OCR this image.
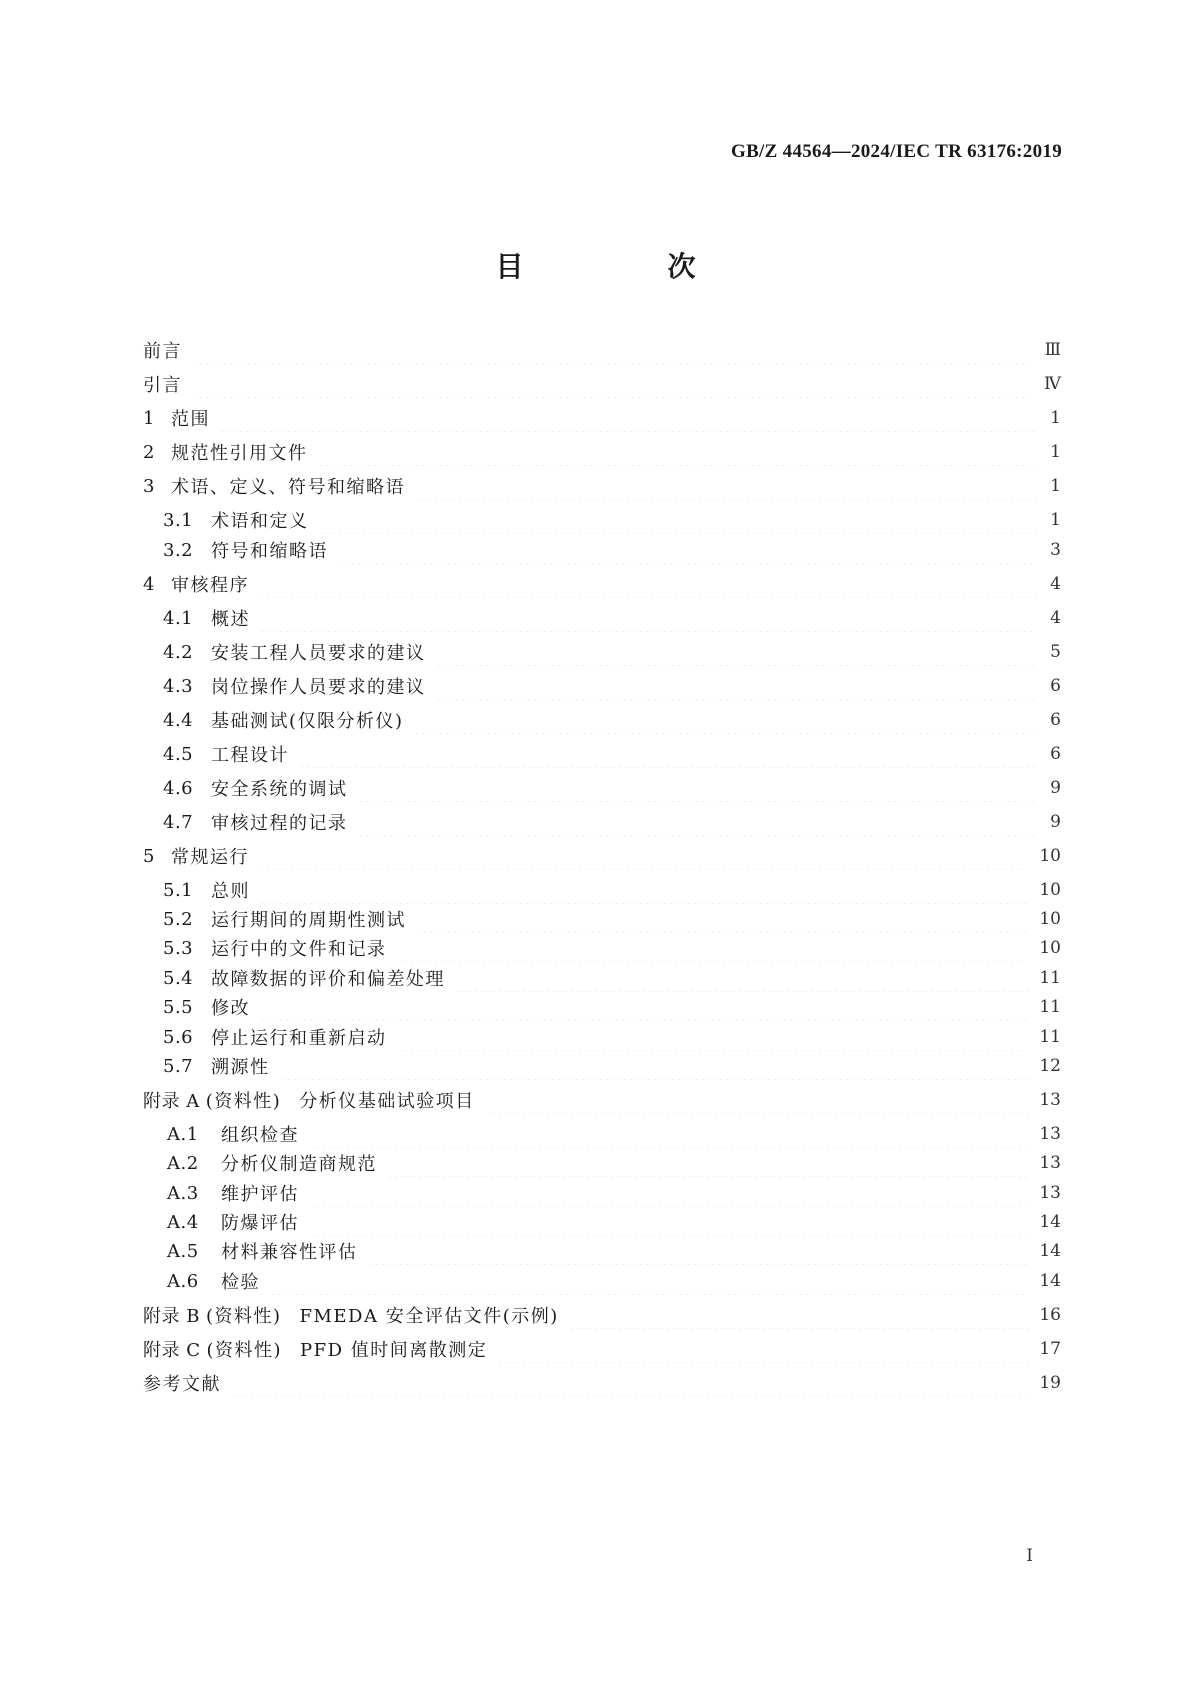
GB/Z 44564—2024/IEC TR 63176:2019
目　次
前言	Ⅲ
引言	Ⅳ
1 范围	1
2 规范性引用文件	1
3 术语、定义、符号和缩略语	1
3.1 术语和定义	1
3.2 符号和缩略语	3
4 审核程序	4
4.1 概述	4
4.2 安装工程人员要求的建议	5
4.3 岗位操作人员要求的建议	6
4.4 基础测试(仅限分析仪)	6
4.5 工程设计	6
4.6 安全系统的调试	9
4.7 审核过程的记录	9
5 常规运行	10
5.1 总则	10
5.2 运行期间的周期性测试	10
5.3 运行中的文件和记录	10
5.4 故障数据的评价和偏差处理	11
5.5 修改	11
5.6 停止运行和重新启动	11
5.7 溯源性	12
附录 A (资料性) 分析仪基础试验项目	13
A.1	组织检查	13
A.2	分析仪制造商规范	13
A.3	维护评估	13
A.4	防爆评估	14
A.5	材料兼容性评估	14
A.6	检验	14
附录 B (资料性) FMEDA 安全评估文件(示例)	16
附录 C (资料性) PFD 值时间离散测定	17
参考文献	19
I
